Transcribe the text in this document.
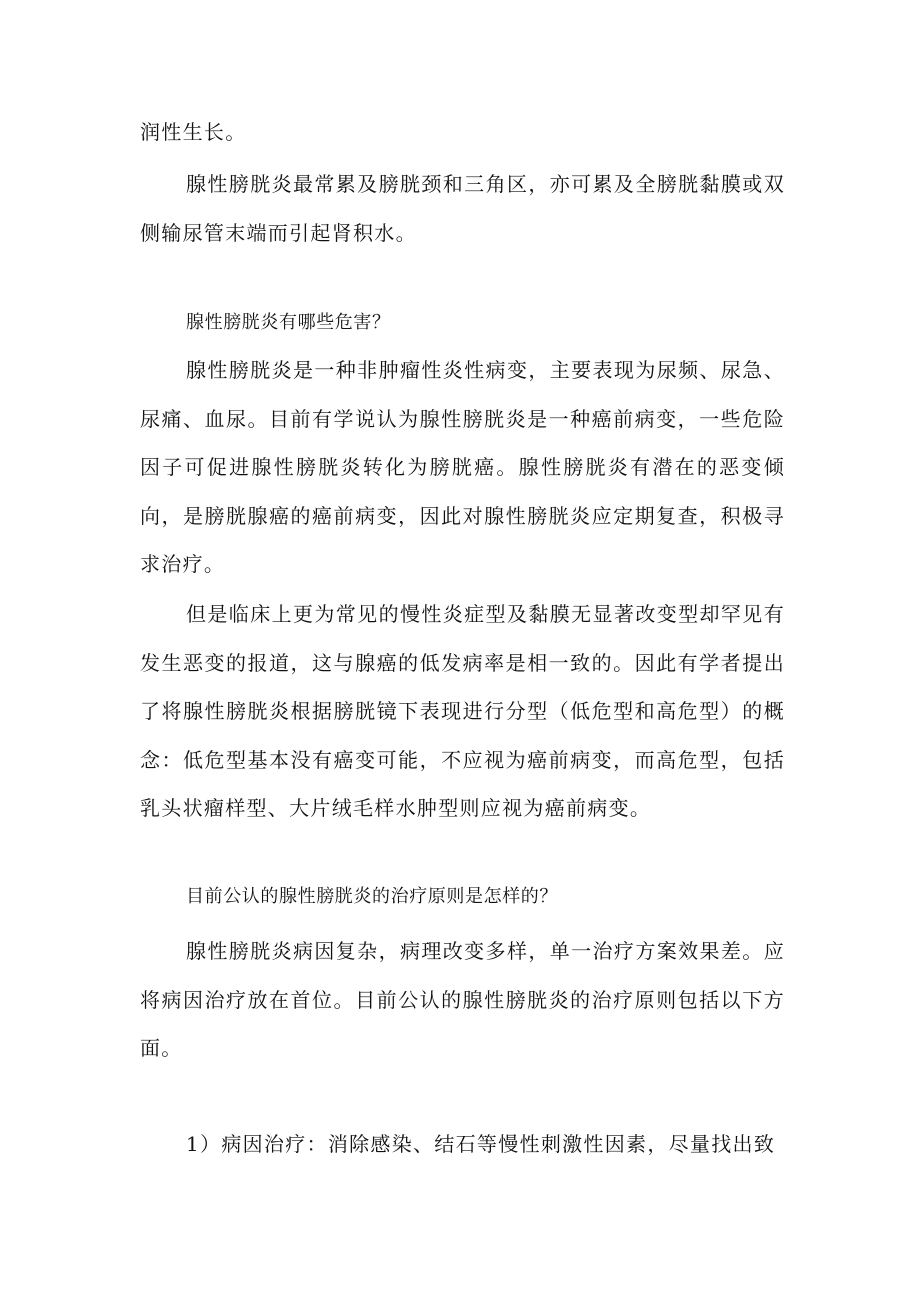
润性生长。

腺性膀胱炎最常累及膀胱颈和三角区，亦可累及全膀胱黏膜或双侧输尿管末端而引起肾积水。

腺性膀胱炎有哪些危害？

腺性膀胱炎是一种非肿瘤性炎性病变，主要表现为尿频、尿急、尿痛、血尿。目前有学说认为腺性膀胱炎是一种癌前病变，一些危险因子可促进腺性膀胱炎转化为膀胱癌。腺性膀胱炎有潜在的恶变倾向，是膀胱腺癌的癌前病变，因此对腺性膀胱炎应定期复查，积极寻求治疗。

但是临床上更为常见的慢性炎症型及黏膜无显著改变型却罕见有发生恶变的报道，这与腺癌的低发病率是相一致的。因此有学者提出了将腺性膀胱炎根据膀胱镜下表现进行分型（低危型和高危型）的概念：低危型基本没有癌变可能，不应视为癌前病变，而高危型，包括乳头状瘤样型、大片绒毛样水肿型则应视为癌前病变。

目前公认的腺性膀胱炎的治疗原则是怎样的？

腺性膀胱炎病因复杂，病理改变多样，单一治疗方案效果差。应将病因治疗放在首位。目前公认的腺性膀胱炎的治疗原则包括以下方面。

1）病因治疗：消除感染、结石等慢性刺激性因素，尽量找出致
